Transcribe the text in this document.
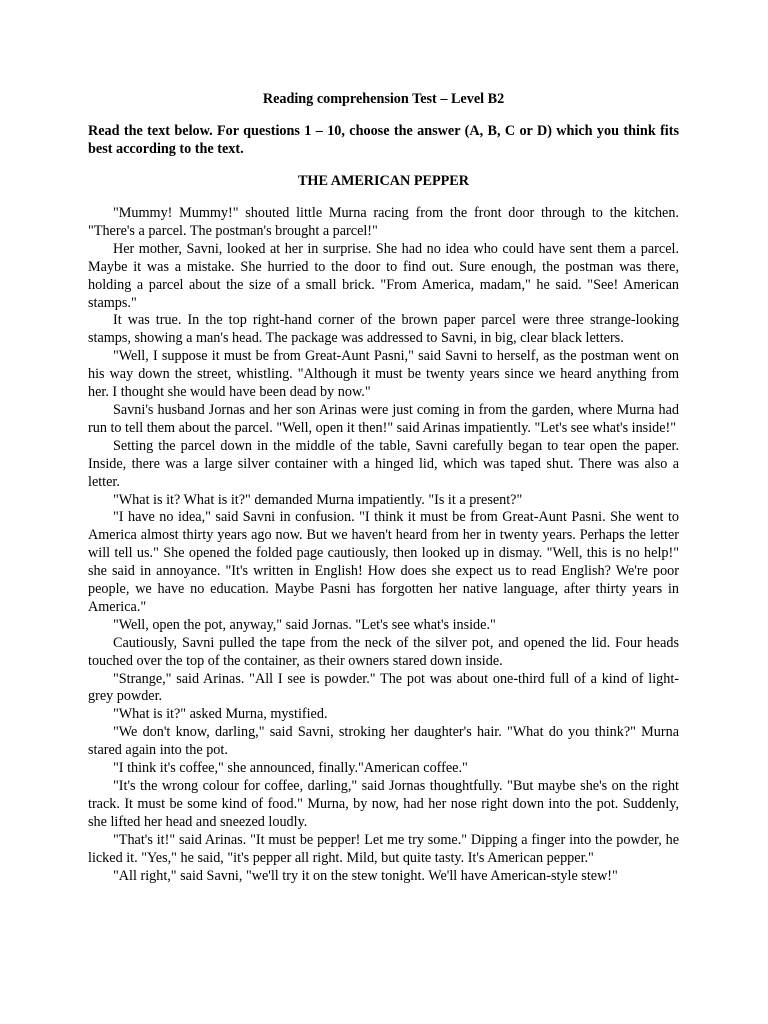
Reading comprehension Test – Level B2
Read the text below. For questions 1 – 10, choose the answer (A, B, C or D) which you think fits best according to the text.
THE AMERICAN PEPPER

"Mummy! Mummy!" shouted little Murna racing from the front door through to the kitchen. "There's a parcel. The postman's brought a parcel!"

Her mother, Savni, looked at her in surprise. She had no idea who could have sent them a parcel. Maybe it was a mistake. She hurried to the door to find out. Sure enough, the postman was there, holding a parcel about the size of a small brick. "From America, madam," he said. "See! American stamps."

It was true. In the top right-hand corner of the brown paper parcel were three strange-looking stamps, showing a man's head. The package was addressed to Savni, in big, clear black letters.

"Well, I suppose it must be from Great-Aunt Pasni," said Savni to herself, as the postman went on his way down the street, whistling. "Although it must be twenty years since we heard anything from her. I thought she would have been dead by now."

Savni's husband Jornas and her son Arinas were just coming in from the garden, where Murna had run to tell them about the parcel. "Well, open it then!" said Arinas impatiently. "Let's see what's inside!"

Setting the parcel down in the middle of the table, Savni carefully began to tear open the paper. Inside, there was a large silver container with a hinged lid, which was taped shut. There was also a letter.

"What is it? What is it?" demanded Murna impatiently. "Is it a present?"

"I have no idea," said Savni in confusion. "I think it must be from Great-Aunt Pasni. She went to America almost thirty years ago now. But we haven't heard from her in twenty years. Perhaps the letter will tell us." She opened the folded page cautiously, then looked up in dismay. "Well, this is no help!" she said in annoyance. "It's written in English! How does she expect us to read English? We're poor people, we have no education. Maybe Pasni has forgotten her native language, after thirty years in America."

"Well, open the pot, anyway," said Jornas. "Let's see what's inside."

Cautiously, Savni pulled the tape from the neck of the silver pot, and opened the lid. Four heads touched over the top of the container, as their owners stared down inside.

"Strange," said Arinas. "All I see is powder." The pot was about one-third full of a kind of light-grey powder.

"What is it?" asked Murna, mystified.

"We don't know, darling," said Savni, stroking her daughter's hair. "What do you think?" Murna stared again into the pot.

"I think it's coffee," she announced, finally."American coffee."

"It's the wrong colour for coffee, darling," said Jornas thoughtfully. "But maybe she's on the right track. It must be some kind of food." Murna, by now, had her nose right down into the pot. Suddenly, she lifted her head and sneezed loudly.

"That's it!" said Arinas. "It must be pepper! Let me try some." Dipping a finger into the powder, he licked it. "Yes," he said, "it's pepper all right. Mild, but quite tasty. It's American pepper."

"All right," said Savni, "we'll try it on the stew tonight. We'll have American-style stew!"
